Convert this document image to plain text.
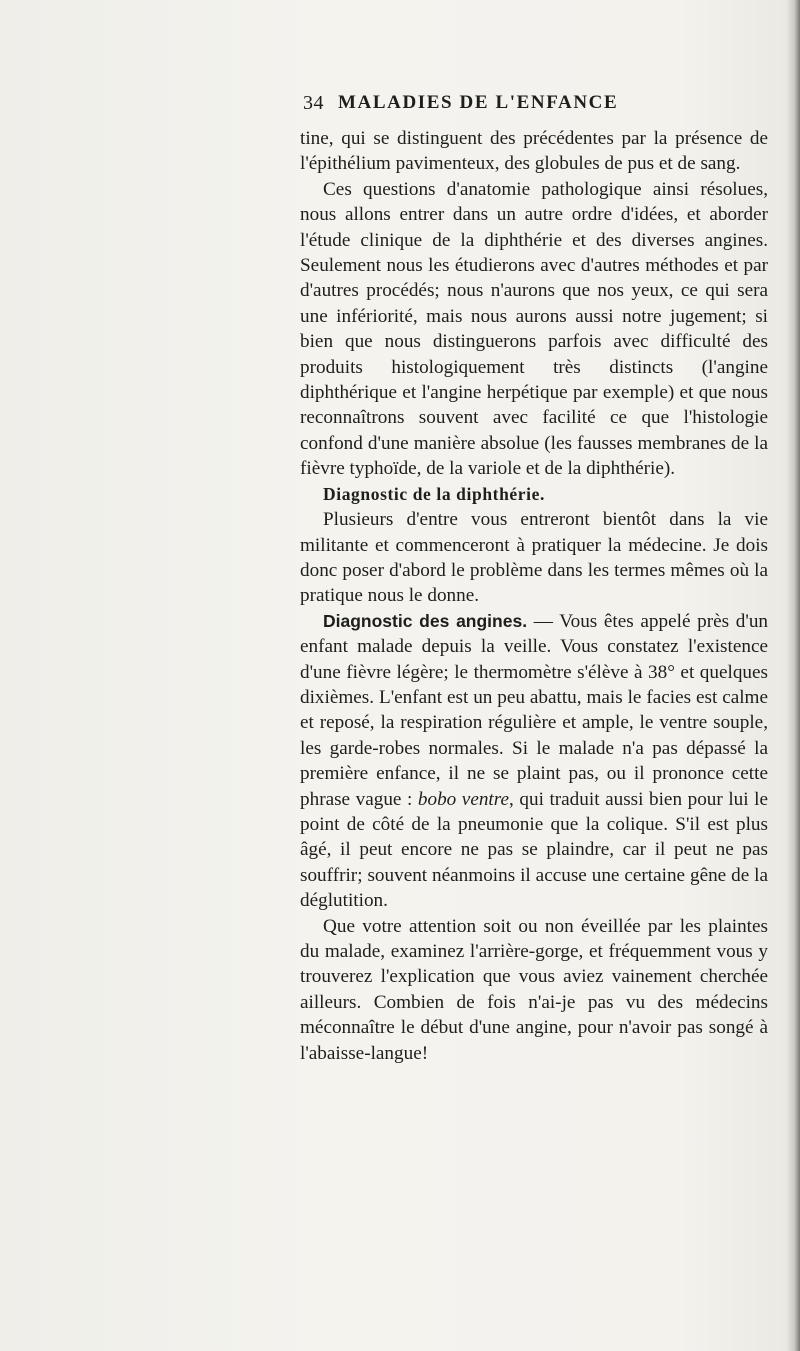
34 MALADIES DE L'ENFANCE

tine, qui se distinguent des précédentes par la présence de l'épithélium pavimenteux, des globules de pus et de sang.

Ces questions d'anatomie pathologique ainsi résolues, nous allons entrer dans un autre ordre d'idées, et aborder l'étude clinique de la diphthérie et des diverses angines. Seulement nous les étudierons avec d'autres méthodes et par d'autres procédés; nous n'aurons que nos yeux, ce qui sera une infériorité, mais nous aurons aussi notre jugement; si bien que nous distinguerons parfois avec difficulté des produits histologiquement très distincts (l'angine diphthérique et l'angine herpétique par exemple) et que nous reconnaîtrons souvent avec facilité ce que l'histologie confond d'une manière absolue (les fausses membranes de la fièvre typhoïde, de la variole et de la diphthérie).

Diagnostic de la diphthérie.

Plusieurs d'entre vous entreront bientôt dans la vie militante et commenceront à pratiquer la médecine. Je dois donc poser d'abord le problème dans les termes mêmes où la pratique nous le donne.

Diagnostic des angines. — Vous êtes appelé près d'un enfant malade depuis la veille. Vous constatez l'existence d'une fièvre légère; le thermomètre s'élève à 38° et quelques dixièmes. L'enfant est un peu abattu, mais le facies est calme et reposé, la respiration régulière et ample, le ventre souple, les garde-robes normales. Si le malade n'a pas dépassé la première enfance, il ne se plaint pas, ou il prononce cette phrase vague : bobo ventre, qui traduit aussi bien pour lui le point de côté de la pneumonie que la colique. S'il est plus âgé, il peut encore ne pas se plaindre, car il peut ne pas souffrir; souvent néanmoins il accuse une certaine gêne de la déglutition.

Que votre attention soit ou non éveillée par les plaintes du malade, examinez l'arrière-gorge, et fréquemment vous y trouverez l'explication que vous aviez vainement cherchée ailleurs. Combien de fois n'ai-je pas vu des médecins méconnaître le début d'une angine, pour n'avoir pas songé à l'abaisse-langue!
